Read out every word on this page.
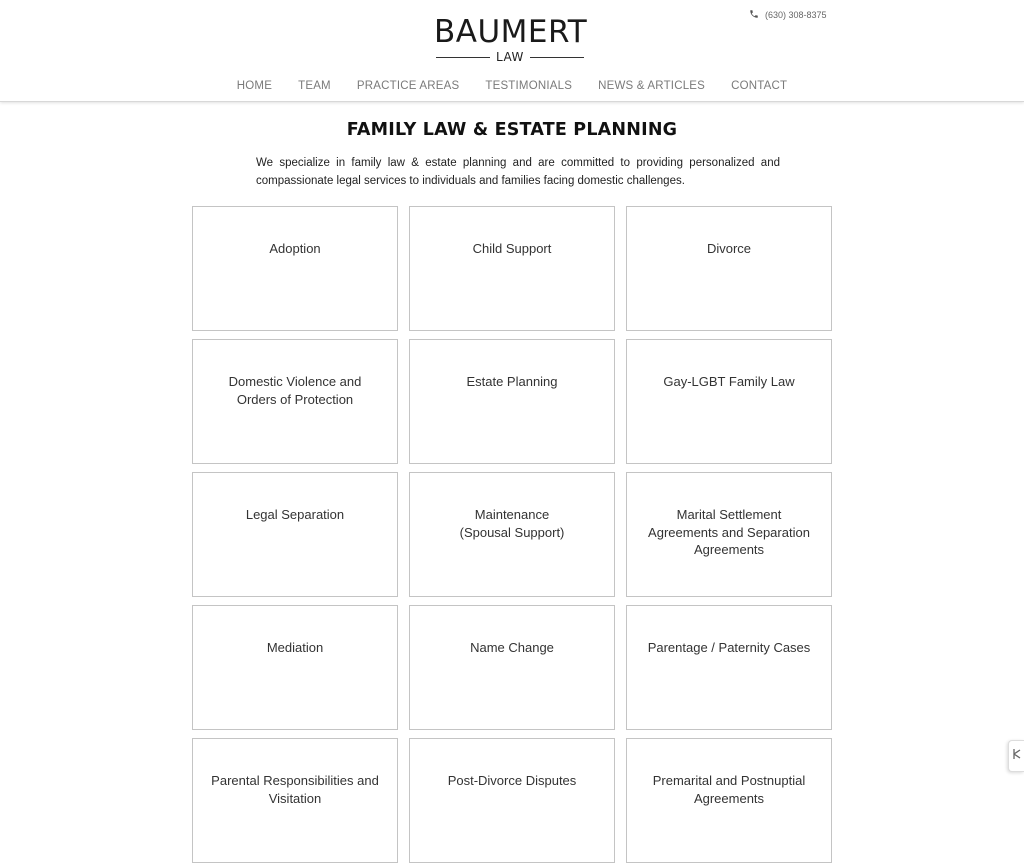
(630) 308-8375
BAUMERT
LAW
HOME	TEAM	PRACTICE AREAS	TESTIMONIALS	NEWS & ARTICLES	CONTACT
FAMILY LAW & ESTATE PLANNING

We specialize in family law & estate planning and are committed to providing personalized and compassionate legal services to individuals and families facing domestic challenges.

Adoption	Child Support	Divorce
Domestic Violence and Orders of Protection
Estate Planning	Gay-LGBT Family Law
Legal Separation	Maintenance
(Spousal Support)
Marital Settlement Agreements and Separation Agreements
Mediation	Name Change	Parentage / Paternity Cases
Parental Responsibilities and Visitation
Post-Divorce Disputes	Premarital and Postnuptial Agreements
